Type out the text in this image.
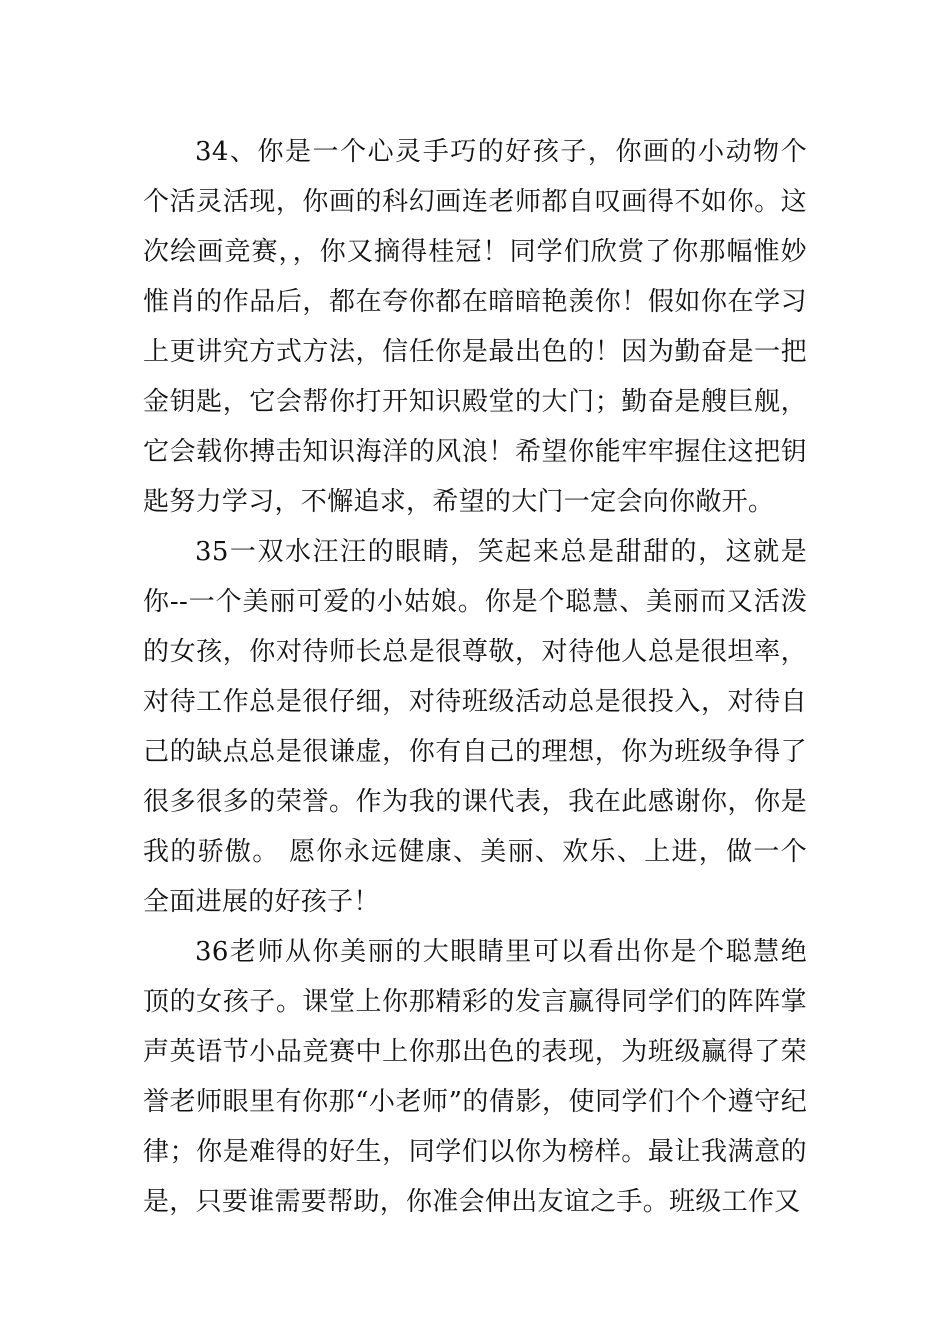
34、你是一个心灵手巧的好孩子，你画的小动物个个活灵活现，你画的科幻画连老师都自叹画得不如你。这次绘画竞赛，，你又摘得桂冠！同学们欣赏了你那幅惟妙惟肖的作品后，都在夸你都在暗暗艳羡你！假如你在学习上更讲究方式方法，信任你是最出色的！因为勤奋是一把金钥匙，它会帮你打开知识殿堂的大门；勤奋是艘巨舰，它会载你搏击知识海洋的风浪！希望你能牢牢握住这把钥匙努力学习，不懈追求，希望的大门一定会向你敞开。

35一双水汪汪的眼睛，笑起来总是甜甜的，这就是你--一个美丽可爱的小姑娘。你是个聪慧、美丽而又活泼的女孩，你对待师长总是很尊敬，对待他人总是很坦率，对待工作总是很仔细，对待班级活动总是很投入，对待自己的缺点总是很谦虚，你有自己的理想，你为班级争得了很多很多的荣誉。作为我的课代表，我在此感谢你，你是我的骄傲。 愿你永远健康、美丽、欢乐、上进，做一个全面进展的好孩子！

36老师从你美丽的大眼睛里可以看出你是个聪慧绝顶的女孩子。课堂上你那精彩的发言赢得同学们的阵阵掌声英语节小品竞赛中上你那出色的表现，为班级赢得了荣誉老师眼里有你那“小老师”的倩影，使同学们个个遵守纪律；你是难得的好生，同学们以你为榜样。最让我满意的是，只要谁需要帮助，你准会伸出友谊之手。班级工作又
